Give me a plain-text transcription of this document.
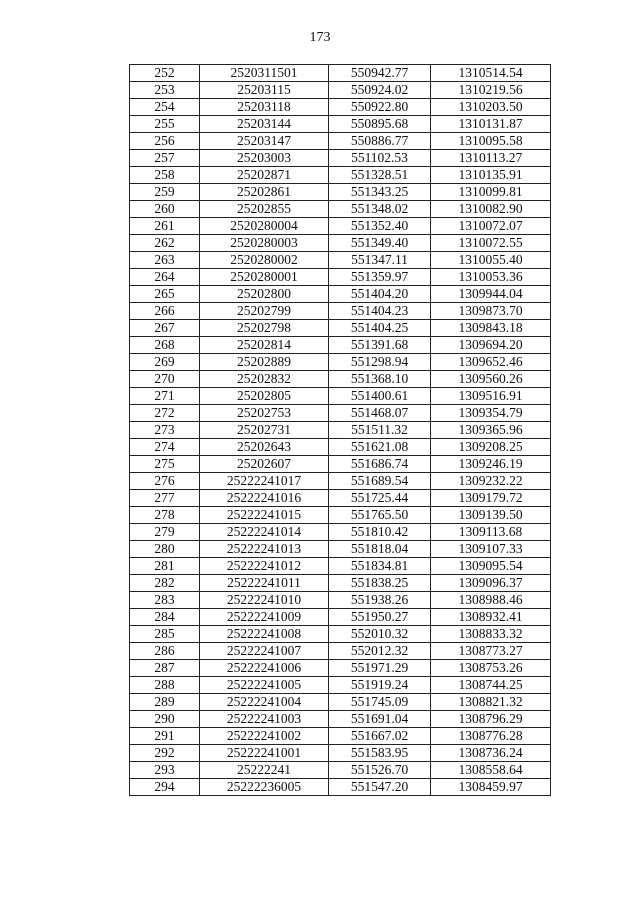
173
252	2520311501	550942.77	1310514.54
253	25203115	550924.02	1310219.56
254	25203118	550922.80	1310203.50
255	25203144	550895.68	1310131.87
256	25203147	550886.77	1310095.58
257	25203003	551102.53	1310113.27
258	25202871	551328.51	1310135.91
259	25202861	551343.25	1310099.81
260	25202855	551348.02	1310082.90
261	2520280004	551352.40	1310072.07
262	2520280003	551349.40	1310072.55
263	2520280002	551347.11	1310055.40
264	2520280001	551359.97	1310053.36
265	25202800	551404.20	1309944.04
266	25202799	551404.23	1309873.70
267	25202798	551404.25	1309843.18
268	25202814	551391.68	1309694.20
269	25202889	551298.94	1309652.46
270	25202832	551368.10	1309560.26
271	25202805	551400.61	1309516.91
272	25202753	551468.07	1309354.79
273	25202731	551511.32	1309365.96
274	25202643	551621.08	1309208.25
275	25202607	551686.74	1309246.19
276	25222241017	551689.54	1309232.22
277	25222241016	551725.44	1309179.72
278	25222241015	551765.50	1309139.50
279	25222241014	551810.42	1309113.68
280	25222241013	551818.04	1309107.33
281	25222241012	551834.81	1309095.54
282	25222241011	551838.25	1309096.37
283	25222241010	551938.26	1308988.46
284	25222241009	551950.27	1308932.41
285	25222241008	552010.32	1308833.32
286	25222241007	552012.32	1308773.27
287	25222241006	551971.29	1308753.26
288	25222241005	551919.24	1308744.25
289	25222241004	551745.09	1308821.32
290	25222241003	551691.04	1308796.29
291	25222241002	551667.02	1308776.28
292	25222241001	551583.95	1308736.24
293	25222241	551526.70	1308558.64
294	25222236005	551547.20	1308459.97
